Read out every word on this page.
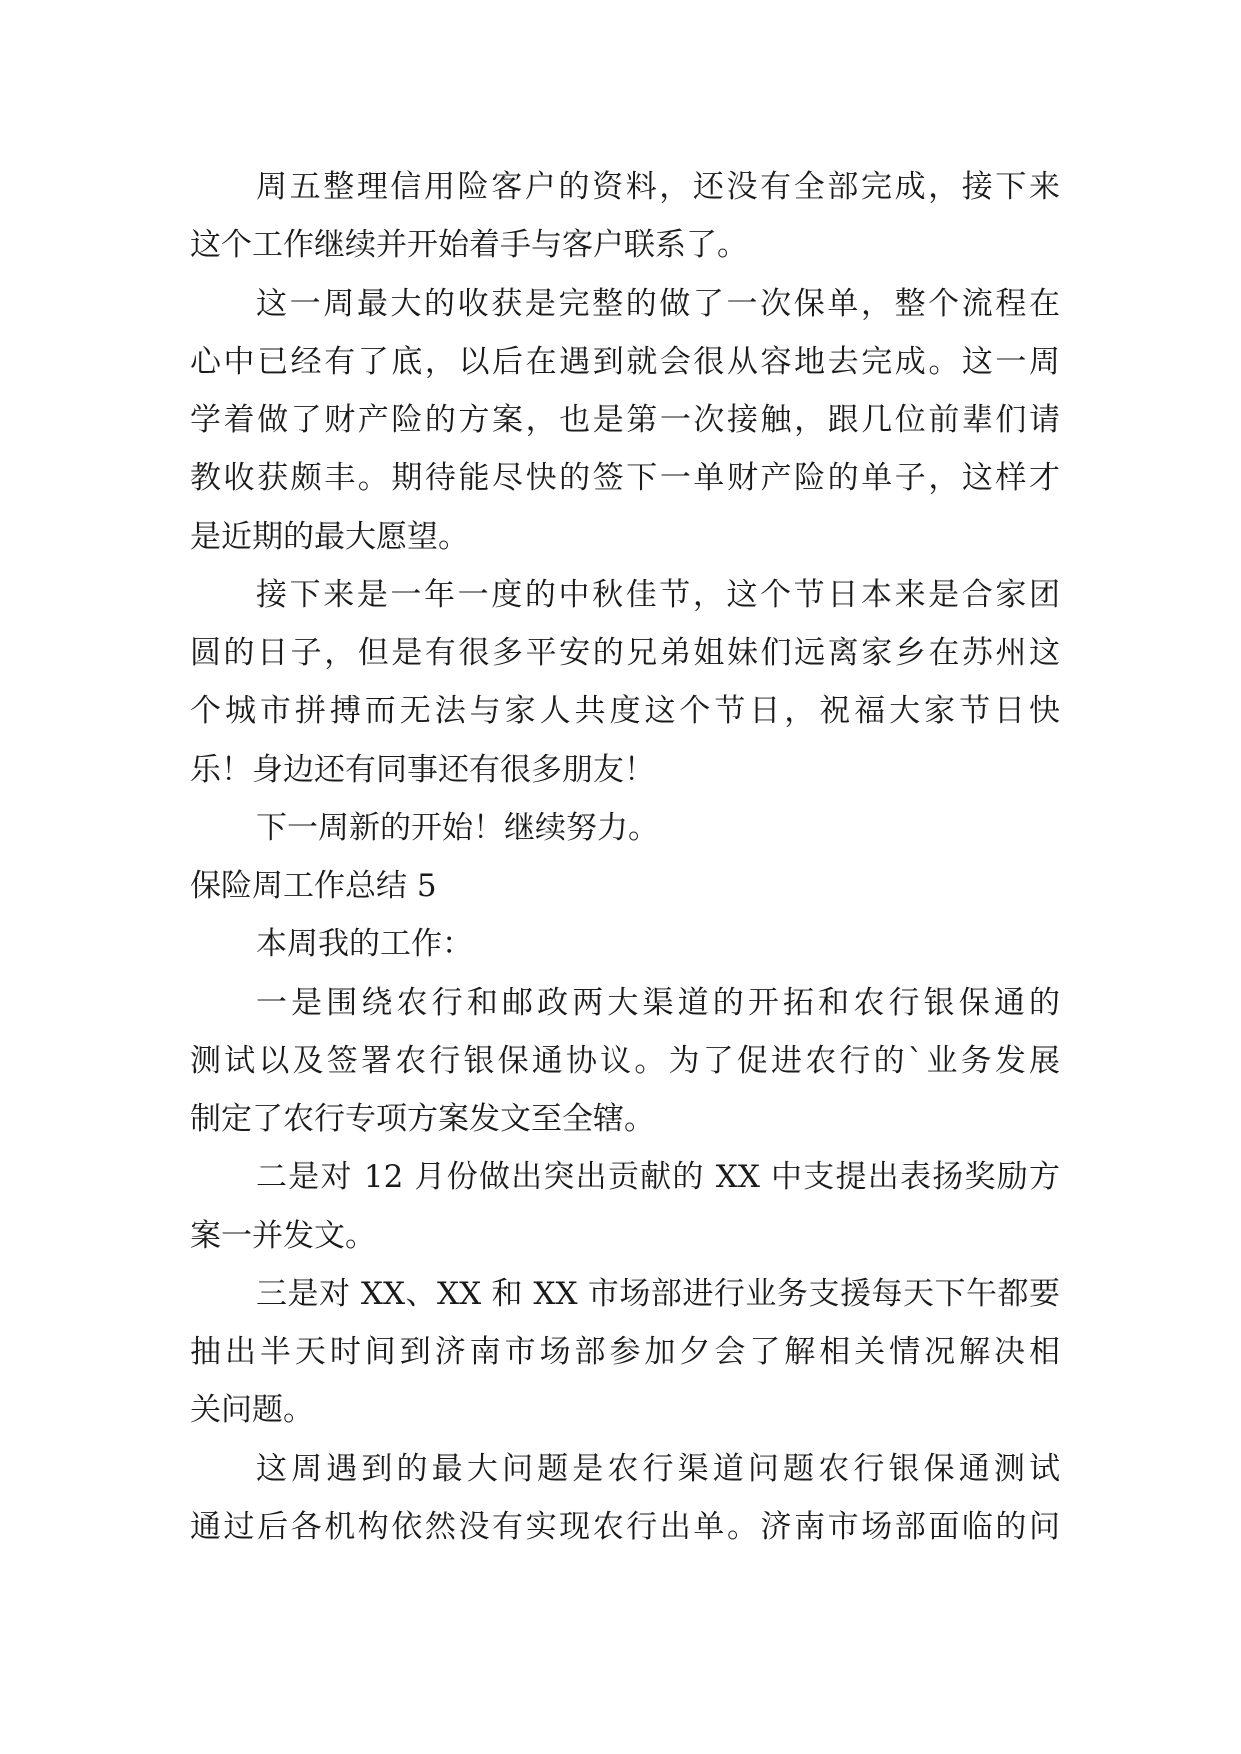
周五整理信用险客户的资料，还没有全部完成，接下来
这个工作继续并开始着手与客户联系了。
这一周最大的收获是完整的做了一次保单，整个流程在
心中已经有了底，以后在遇到就会很从容地去完成。这一周
学着做了财产险的方案，也是第一次接触，跟几位前辈们请
教收获颇丰。期待能尽快的签下一单财产险的单子，这样才
是近期的最大愿望。
接下来是一年一度的中秋佳节，这个节日本来是合家团
圆的日子，但是有很多平安的兄弟姐妹们远离家乡在苏州这
个城市拼搏而无法与家人共度这个节日，祝福大家节日快
乐！身边还有同事还有很多朋友！
下一周新的开始！继续努力。
保险周工作总结 5
本周我的工作：
一是围绕农行和邮政两大渠道的开拓和农行银保通的
测试以及签署农行银保通协议。为了促进农行的`业务发展
制定了农行专项方案发文至全辖。
二是对 12 月份做出突出贡献的 XX 中支提出表扬奖励方
案一并发文。
三是对 XX、XX 和 XX 市场部进行业务支援每天下午都要
抽出半天时间到济南市场部参加夕会了解相关情况解决相
关问题。
这周遇到的最大问题是农行渠道问题农行银保通测试
通过后各机构依然没有实现农行出单。济南市场部面临的问
